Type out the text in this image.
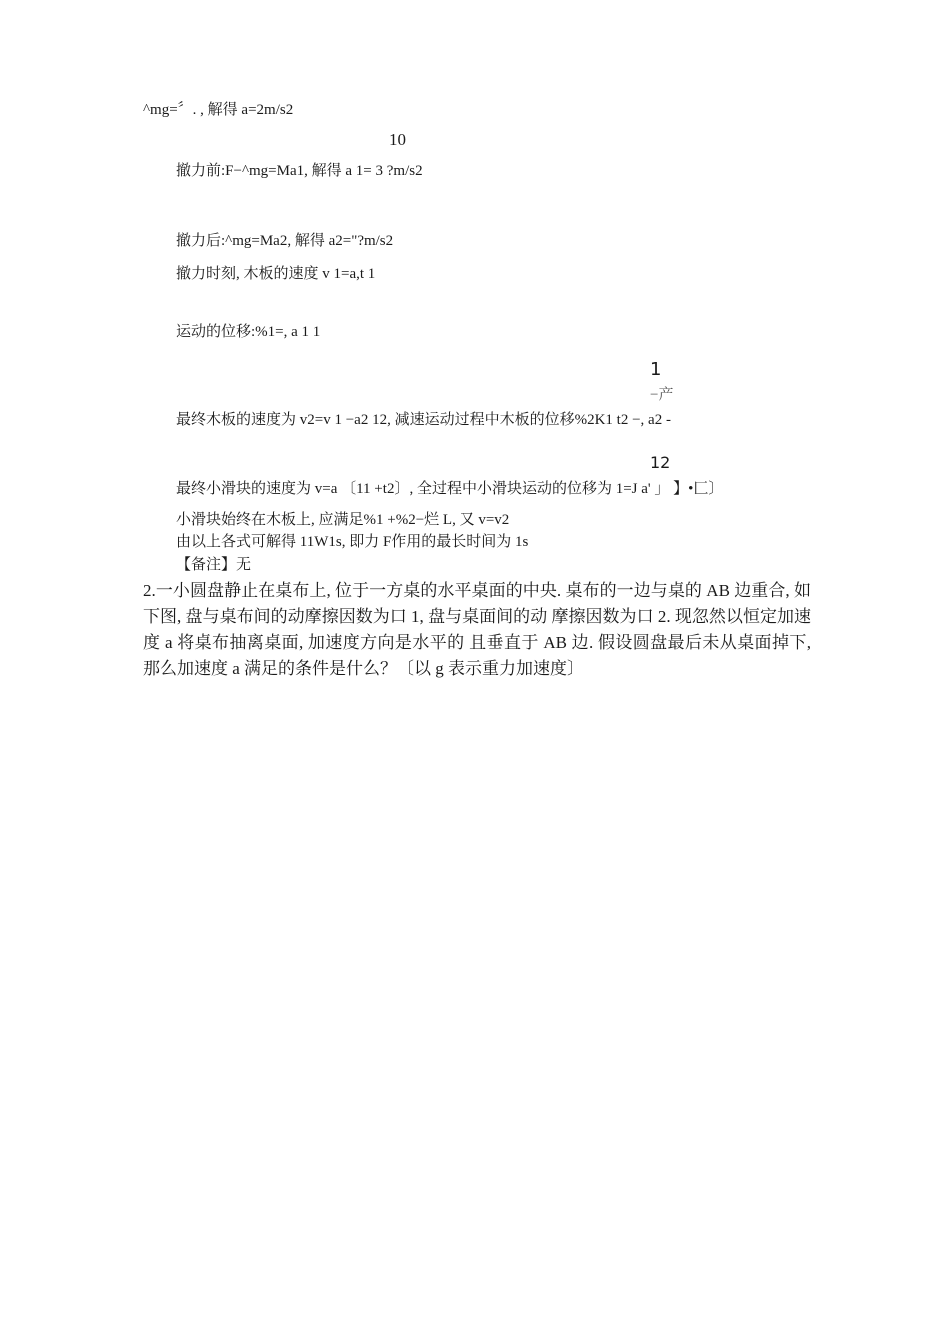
^mg=〞. , 解得 a=2m/s2
10
撤力前:F−^mg=Ma1, 解得 a 1= 3 ?m/s2
撤力后:^mg=Ma2, 解得 a2="?m/s2
撤力时刻, 木板的速度 v 1=a,t 1
运动的位移:%1=, a 1 1
1
−产
最终木板的速度为 v2=v 1 −a2 12, 减速运动过程中木板的位移%2K1 t2 −, a2 -
12
最终小滑块的速度为 v=a 〔11 +t2〕, 全过程中小滑块运动的位移为 1=J a' 」 】•匚〕
小滑块始终在木板上, 应满足%1 +%2−烂 L, 又 v=v2
由以上各式可解得 11W1s, 即力 F作用的最长时间为 1s
【备注】无
2.一小圆盘静止在桌布上, 位于一方桌的水平桌面的中央. 桌布的一边与桌的 AB 边重合, 如下图, 盘与桌布间的动摩擦因数为口 1, 盘与桌面间的动 摩擦因数为口 2. 现忽然以恒定加速度 a 将桌布抽离桌面, 加速度方向是水平的 且垂直于 AB 边. 假设圆盘最后未从桌面掉下, 那么加速度 a 满足的条件是什么？〔以 g 表示重力加速度〕
